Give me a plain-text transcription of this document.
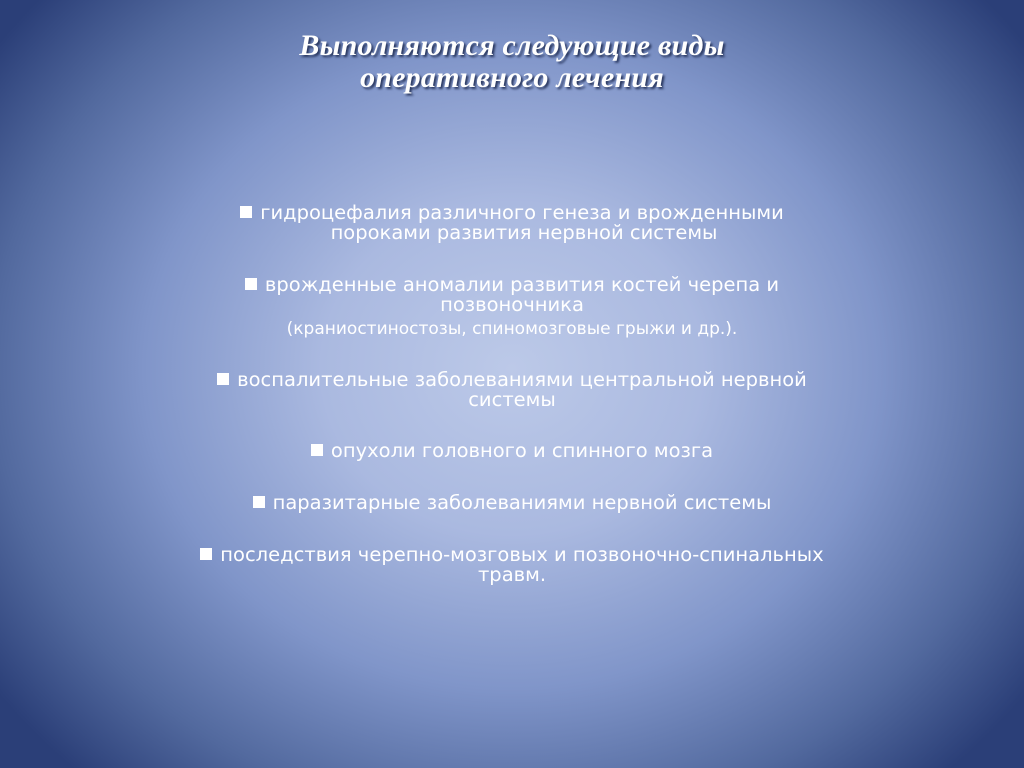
Выполняются следующие виды
оперативного лечения
гидроцефалия различного генеза и врожденными
пороками развития нервной системы
врожденные аномалии развития костей черепа и
позвоночника
(краниостиностозы, спиномозговые грыжи и др.).
воспалительные заболеваниями центральной нервной
системы
опухоли головного и спинного мозга
паразитарные заболеваниями нервной системы
последствия черепно-мозговых и позвоночно-спинальных
травм.
